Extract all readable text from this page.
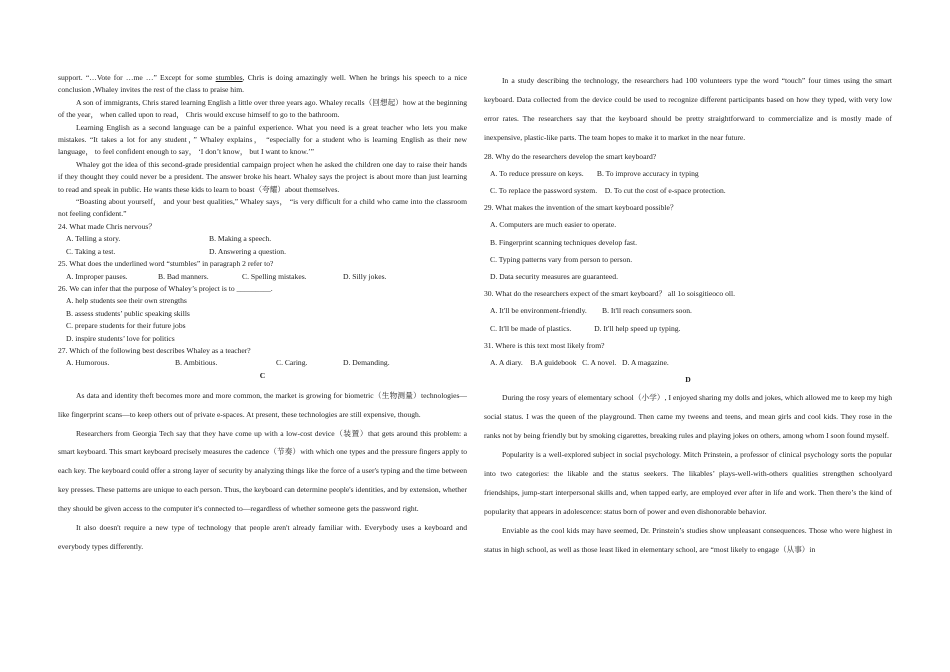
support. “…Vote for …me …” Except for some stumbles, Chris is doing amazingly well. When he brings his speech to a nice conclusion ,Whaley invites the rest of the class to praise him.

A son of immigrants, Chris stared learning English a little over three years ago. Whaley recalls（回想起）how at the beginning of the year， when called upon to read， Chris would excuse himself to go to the bathroom.

Learning English as a second language can be a painful experience. What you need is a great teacher who lets you make mistakes. “It takes a lot for any student，” Whaley explains， “especially for a student who is learning English as their new language， to feel confident enough to say， ‘I don’t know， but I want to know.’”

Whaley got the idea of this second-grade presidential campaign project when he asked the children one day to raise their hands if they thought they could never be a president. The answer broke his heart. Whaley says the project is about more than just learning to read and speak in public. He wants these kids to learn to boast（夸耀）about themselves.

“Boasting about yourself， and your best qualities,” Whaley says， “is very difficult for a child who came into the classroom not feeling confident.”

24. What made Chris nervous？

A. Telling a story.	B. Making a speech.
C. Taking a test.	D. Answering a question.

25. What does the underlined word “stumbles” in paragraph 2 refer to?

A. Improper pauses.	B. Bad manners.	C. Spelling mistakes.	D. Silly jokes.

26. We can infer that the purpose of Whaley’s project is to _________.

A. help students see their own strengths
B. assess students’ public speaking skills
C. prepare students for their future jobs
D. inspire students’ love for politics

27. Which of the following best describes Whaley as a teacher?

A. Humorous.	B. Ambitious.	C. Caring.	D. Demanding.
C

As data and identity theft becomes more and more common, the market is growing for biometric（生物测量）technologies—like fingerprint scans—to keep others out of private e-spaces. At present, these technologies are still expensive, though.

Researchers from Georgia Tech say that they have come up with a low-cost device（装置）that gets around this problem: a smart keyboard. This smart keyboard precisely measures the cadence（节奏）with which one types and the pressure fingers apply to each key. The keyboard could offer a strong layer of security by analyzing things like the force of a user's typing and the time between key presses. These patterns are unique to each person. Thus, the keyboard can determine people's identities, and by extension, whether they should be given access to the computer it's connected to—regardless of whether someone gets the password right.

It also doesn't require a new type of technology that people aren't already familiar with. Everybody uses a keyboard and everybody types differently.

In a study describing the technology, the researchers had 100 volunteers type the word “touch” four times using the smart keyboard. Data collected from the device could be used to recognize different participants based on how they typed, with very low error rates. The researchers say that the keyboard should be pretty straightforward to commercialize and is mostly made of inexpensive, plastic-like parts. The team hopes to make it to market in the near future.

28. Why do the researchers develop the smart keyboard?

A. To reduce pressure on keys.       B. To improve accuracy in typing
C. To replace the password system.    D. To cut the cost of e-space protection.

29. What makes the invention of the smart keyboard possible？

A. Computers are much easier to operate.
B. Fingerprint scanning techniques develop fast.
C. Typing patterns vary from person to person.
D. Data security measures are guaranteed.

30. What do the researchers expect of the smart keyboard？ all 1o soisgitieoco oll.

A. It'll be environment-friendly.        B. It'll reach consumers soon.
C. It'll be made of plastics.            D. It'll help speed up typing.

31. Where is this text most likely from?

A. A diary.    B.A guidebook   C. A novel.   D. A magazine.
D

During the rosy years of elementary school（小学）, I enjoyed sharing my dolls and jokes, which allowed me to keep my high social status. I was the queen of the playground. Then came my tweens and teens, and mean girls and cool kids. They rose in the ranks not by being friendly but by smoking cigarettes, breaking rules and playing jokes on others, among whom I soon found myself.

Popularity is a well-explored subject in social psychology. Mitch Prinstein, a professor of clinical psychology sorts the popular into two categories: the likable and the status seekers. The likables’ plays-well-with-others qualities strengthen schoolyard friendships, jump-start interpersonal skills and, when tapped early, are employed ever after in life and work. Then there’s the kind of popularity that appears in adolescence: status born of power and even dishonorable behavior.

Enviable as the cool kids may have seemed, Dr. Prinstein’s studies show unpleasant consequences. Those who were highest in status in high school, as well as those least liked in elementary school, are “most likely to engage（从事）in
